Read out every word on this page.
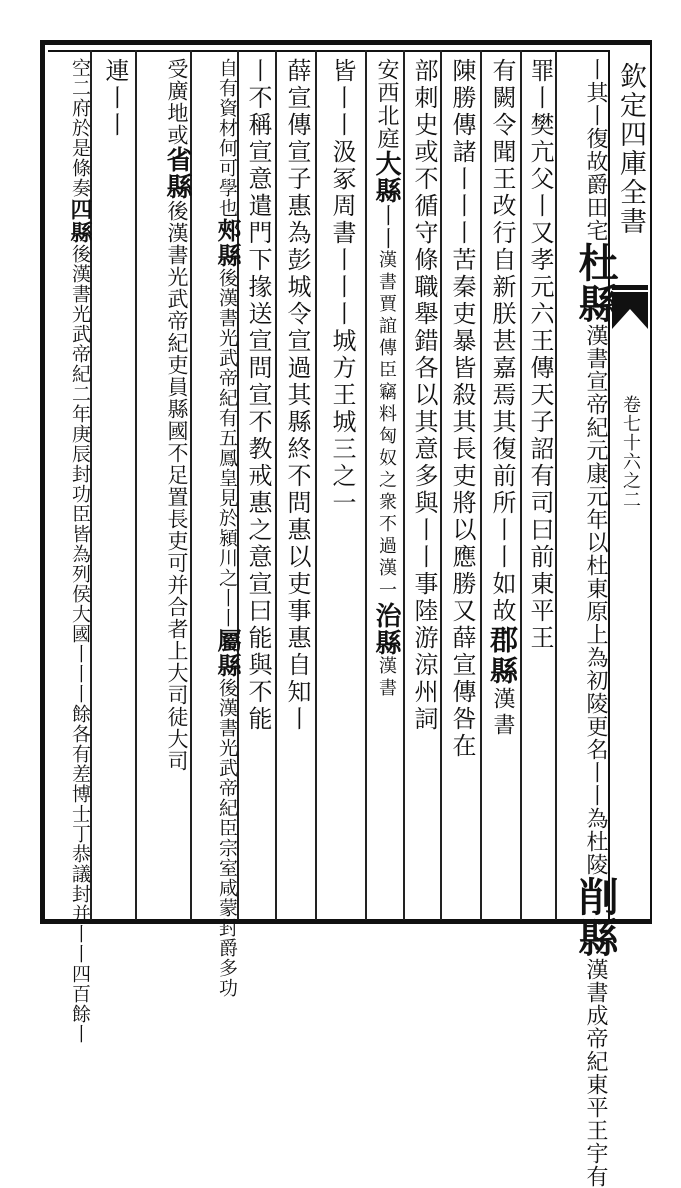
欽定四庫全書
卷七十六之二
丨其丨復故爵田宅杜縣漢書宣帝紀元康元年以杜東原上為初陵更名丨丨為杜陵削縣漢書成帝紀東平王宇有
罪丨樊亢父丨又孝元六王傳天子詔有司曰前東平王
有闕令聞王改行自新朕甚嘉焉其復前所丨丨如故郡縣漢書
陳勝傳諸丨丨丨苦秦吏暴皆殺其長吏將以應勝又薛宣傳咎在
部刺史或不循守條職舉錯各以其意多與丨丨事陸游涼州詞
安西北庭大縣丨丨漢書賈誼傳臣竊料匈奴之衆不過漢一治縣漢書
皆丨丨汲冢周書丨丨丨城方王城三之一
薛宣傳宣子惠為彭城令宣過其縣終不問惠以吏事惠自知丨
丨不稱宣意遣門下掾送宣問宣不教戒惠之意宣曰能與不能
自有資材何可學也郟縣後漢書光武帝紀有五鳳皇見於潁川之丨丨屬縣後漢書光武帝紀臣宗室咸蒙封爵多功
受廣地或省縣後漢書光武帝紀吏員縣國不足置長吏可并合者上大司徒大司
連丨丨
空二府於是條奏四縣後漢書光武帝紀二年庚辰封功臣皆為列侯大國丨丨丨餘各有差博士丁恭議封并丨丨四百餘丨
